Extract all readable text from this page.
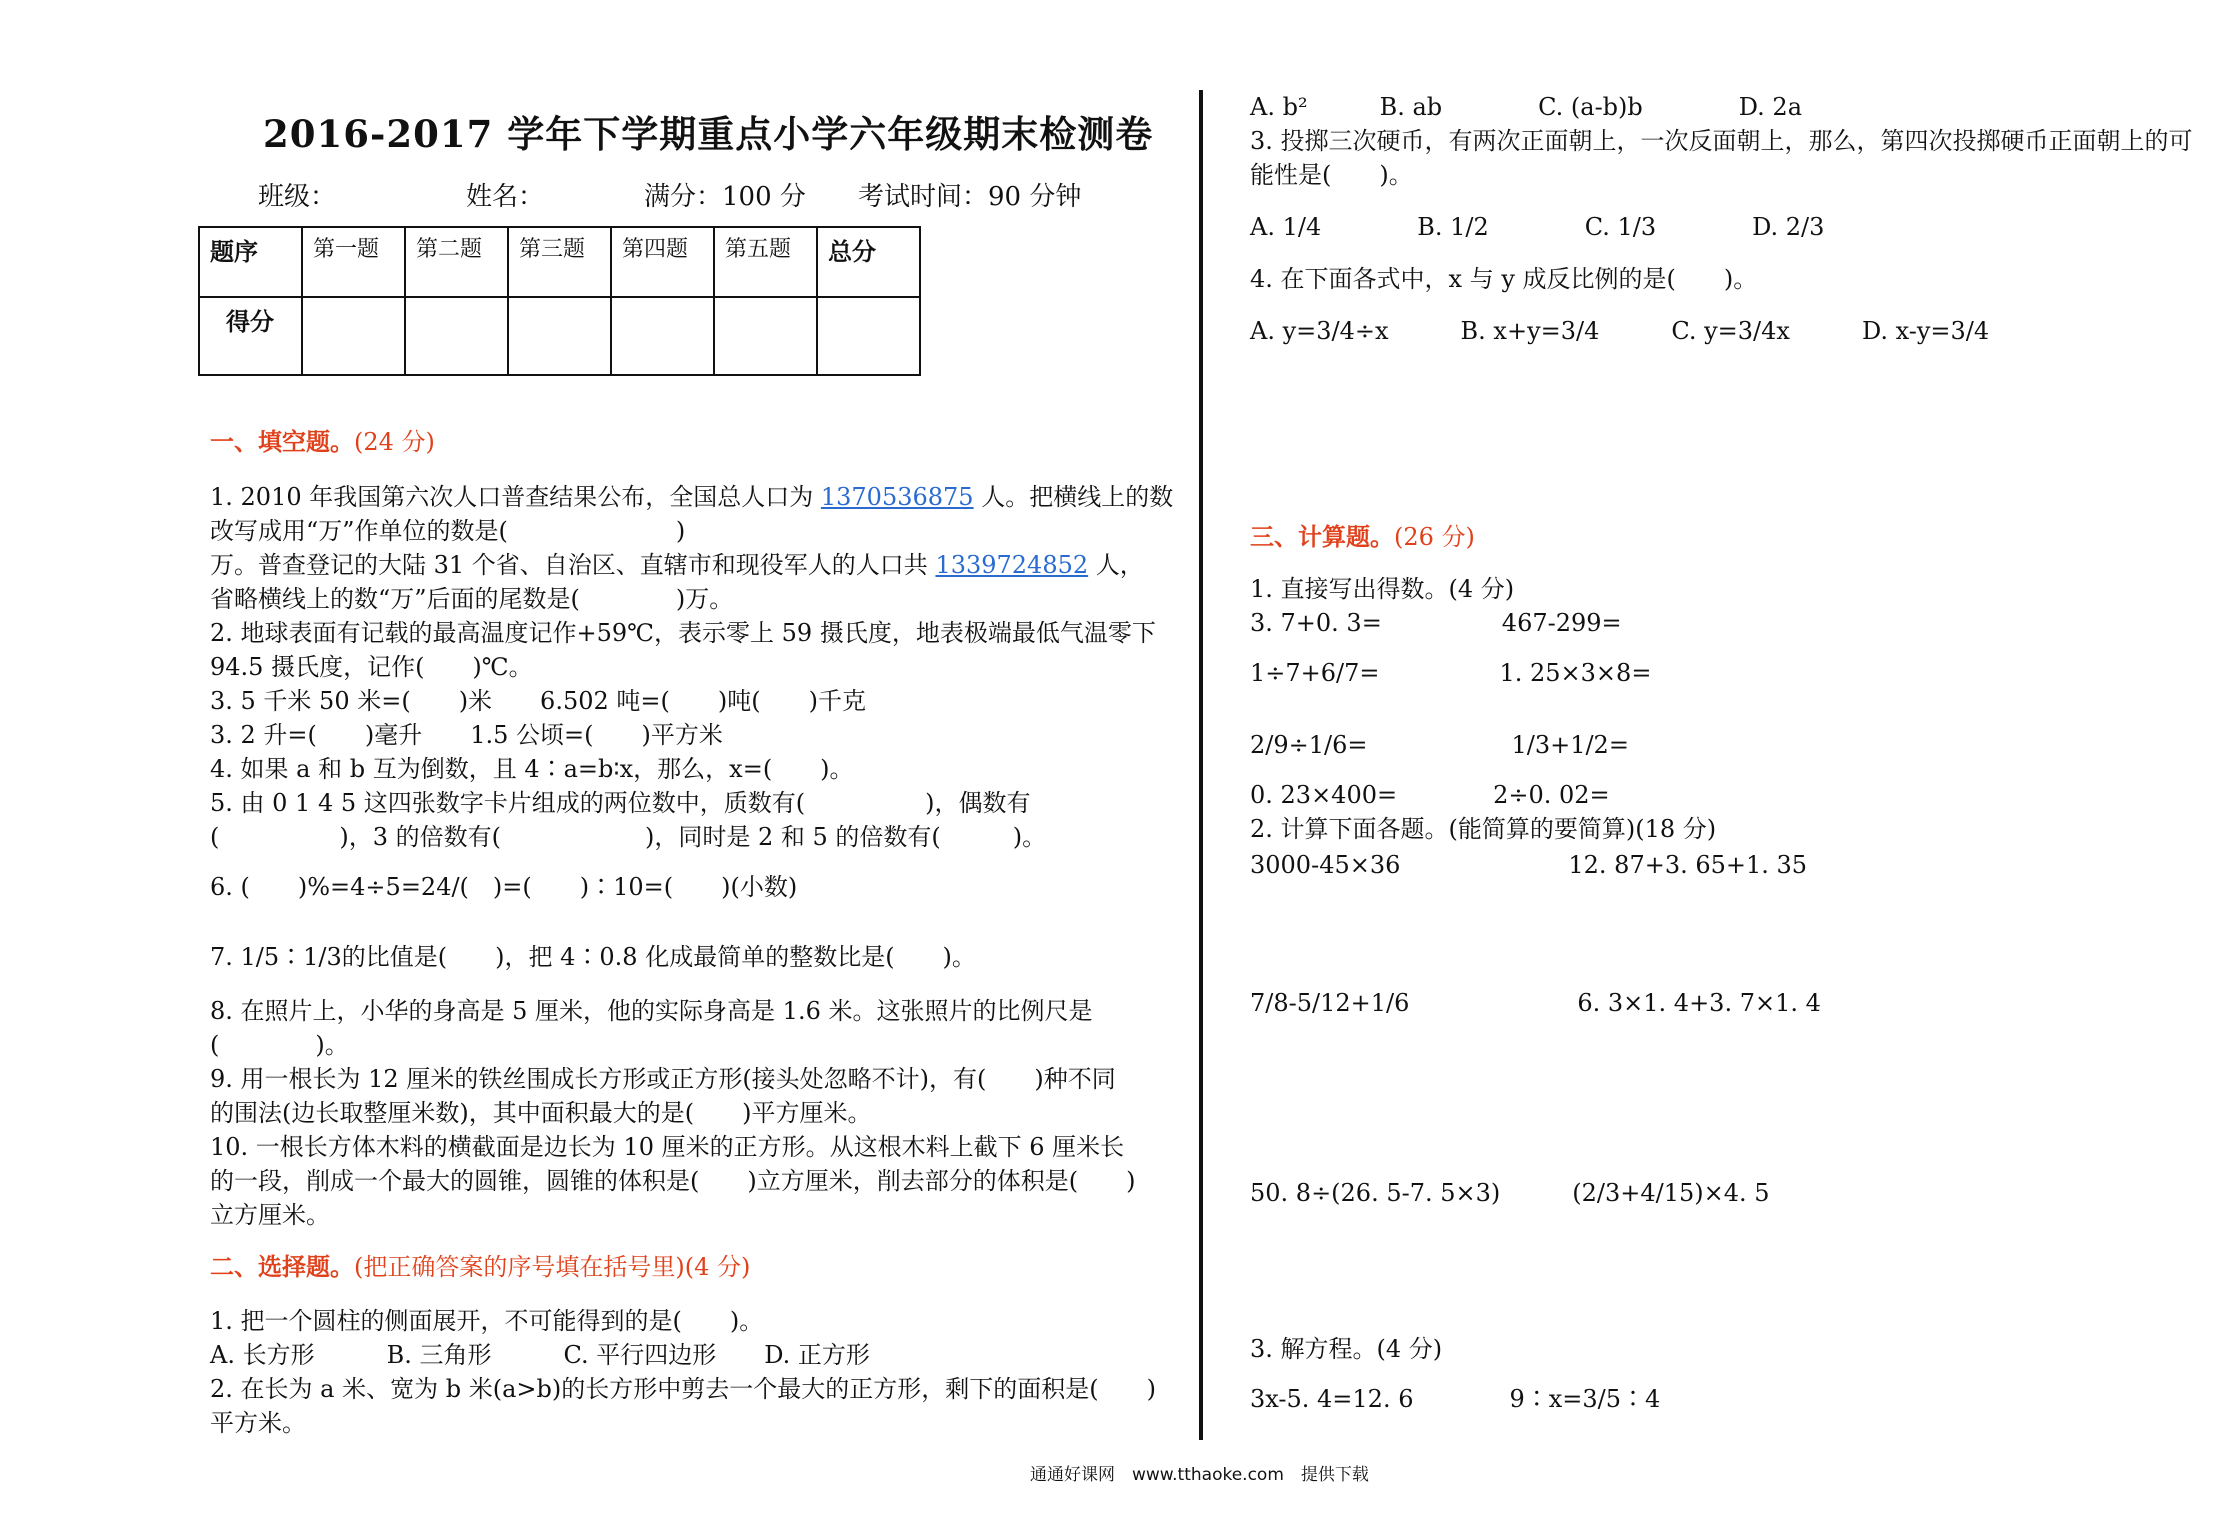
2016-2017 学年下学期重点小学六年级期末检测卷
班级：	姓名：	满分：100 分 考试时间：90 分钟
题序	第一题	第二题	第三题	第四题	第五题	总分
得分						
一、填空题。(24 分)
1. 2010 年我国第六次人口普查结果公布，全国总人口为 1370536875 人。把横线上的数
改写成用“万”作单位的数是(　　　　　　　)
万。普查登记的大陆 31 个省、自治区、直辖市和现役军人的人口共 1339724852 人，
省略横线上的数“万”后面的尾数是(　　　　)万。
2. 地球表面有记载的最高温度记作+59℃，表示零上 59 摄氏度，地表极端最低气温零下
94.5 摄氏度，记作(　　)℃。
3. 5 千米 50 米=(　　)米　　6.502 吨=(　　)吨(　　)千克
3. 2 升=(　　)毫升　　1.5 公顷=(　　)平方米
4. 如果 a 和 b 互为倒数，且 4∶a=b∶x，那么，x=(　　)。
5. 由 0 1 4 5 这四张数字卡片组成的两位数中，质数有(　　　　　)，偶数有
(　　　　　)，3 的倍数有(　　　　　　)，同时是 2 和 5 的倍数有(　　　)。
6. (　　)%=4÷5=24/(　)=(　　)∶10=(　　)(小数)
7. 1/5∶1/3的比值是(　　)，把 4∶0.8 化成最简单的整数比是(　　)。
8. 在照片上，小华的身高是 5 厘米，他的实际身高是 1.6 米。这张照片的比例尺是
(　　　　)。
9. 用一根长为 12 厘米的铁丝围成长方形或正方形(接头处忽略不计)，有(　　)种不同
的围法(边长取整厘米数)，其中面积最大的是(　　)平方厘米。
10. 一根长方体木料的横截面是边长为 10 厘米的正方形。从这根木料上截下 6 厘米长
的一段，削成一个最大的圆锥，圆锥的体积是(　　)立方厘米，削去部分的体积是(　　)
立方厘米。
二、选择题。(把正确答案的序号填在括号里)(4 分)
1. 把一个圆柱的侧面展开，不可能得到的是(　　)。
A. 长方形　　　B. 三角形　　　C. 平行四边形　　D. 正方形
2. 在长为 a 米、宽为 b 米(a>b)的长方形中剪去一个最大的正方形，剩下的面积是(　　)
平方米。
A. b²　　　B. ab　　　　C. (a-b)b　　　　D. 2a
3. 投掷三次硬币，有两次正面朝上，一次反面朝上，那么，第四次投掷硬币正面朝上的可
能性是(　　)。
A. 1/4　　　　B. 1/2　　　　C. 1/3　　　　D. 2/3
4. 在下面各式中，x 与 y 成反比例的是(　　)。
A. y=3/4÷x　　　B. x+y=3/4　　　C. y=3/4x　　　D. x-y=3/4
三、计算题。(26 分)
1. 直接写出得数。(4 分)
3. 7+0. 3=　　　　　467-299=
1÷7+6/7=　　　　　1. 25×3×8=
2/9÷1/6=　　　　　　1/3+1/2=
0. 23×400=　　　　2÷0. 02=
2. 计算下面各题。(能简算的要简算)(18 分)
3000-45×36　　　　　　　12. 87+3. 65+1. 35
7/8-5/12+1/6　　　　　　　6. 3×1. 4+3. 7×1. 4
50. 8÷(26. 5-7. 5×3)　　　(2/3+4/15)×4. 5
3. 解方程。(4 分)
3x-5. 4=12. 6　　　　9∶x=3/5∶4
通通好课网　www.tthaoke.com　提供下载
